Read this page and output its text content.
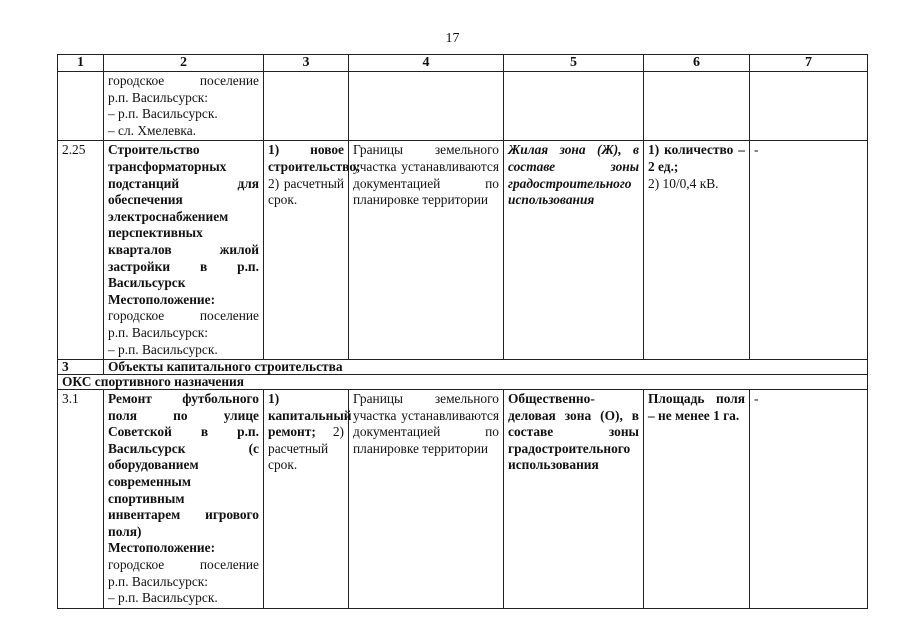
17
1	2	3	4	5	6	7

	городское поселение
р.п. Васильсурск:
– р.п. Васильсурск.
– сл. Хмелевка.					

2.25	Строительство трансформаторных подстанций для обеспечения электроснабжением перспективных кварталов жилой застройки в р.п. Васильсурск
Местоположение:
городское поселение
р.п. Васильсурск:
– р.п. Васильсурск.	1) новое строительство; 2) расчетный срок.	Границы земельного участка устанавливаются документацией по планировке территории	Жилая зона (Ж), в составе зоны градостроительного использования	1) количество – 2 ед.;
2) 10/0,4 кВ.	-
3	Объекты капитального строительства					
ОКС спортивного назначения						
3.1	Ремонт футбольного поля по улице Советской в р.п. Васильсурск (с оборудованием современным спортивным инвентарем игрового поля)
Местоположение:
городское поселение
р.п. Васильсурск:
– р.п. Васильсурск.	1) капитальный ремонт; 2) расчетный срок.	Границы земельного участка устанавливаются документацией по планировке территории	Общественно-деловая зона (О), в составе зоны градостроительного использования	Площадь поля – не менее 1 га.	-
